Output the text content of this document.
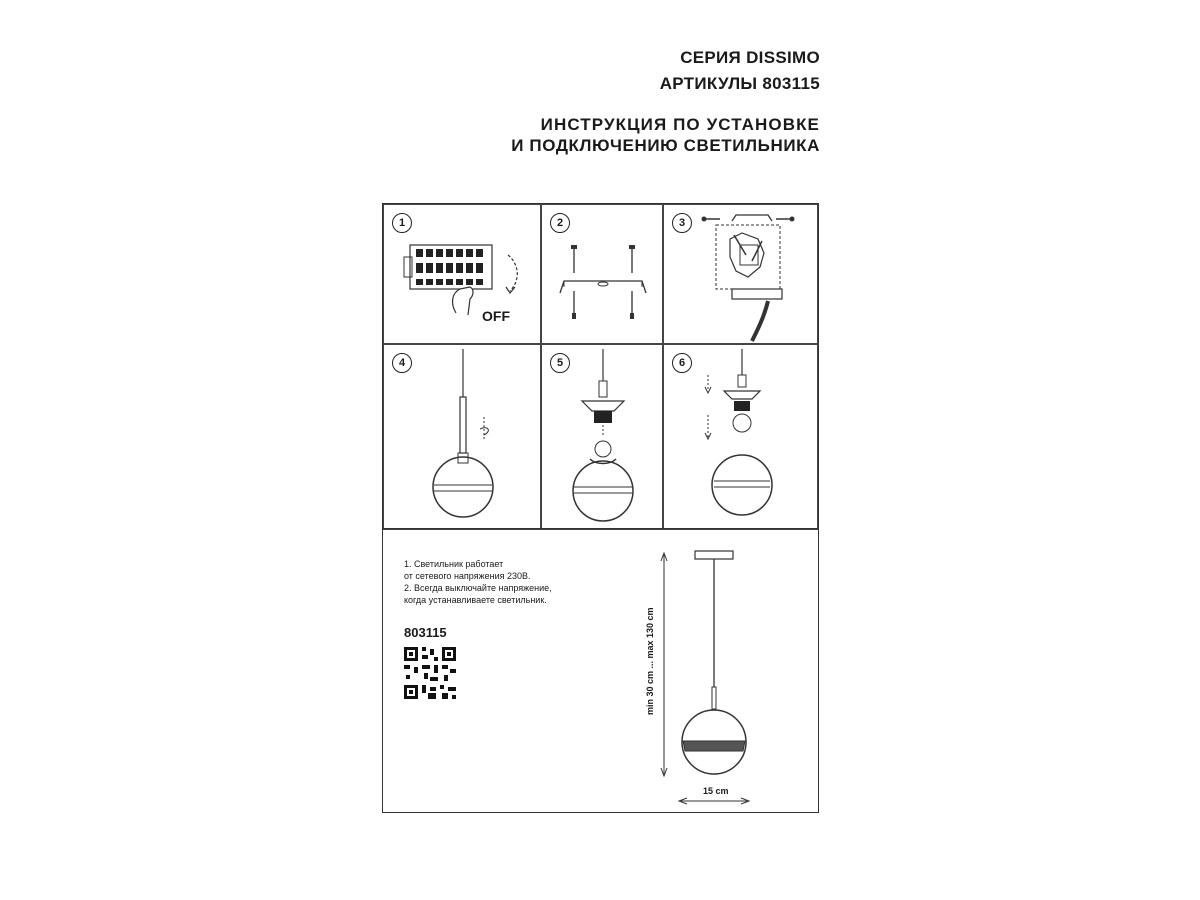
СЕРИЯ DISSIMO
АРТИКУЛЫ 803115
ИНСТРУКЦИЯ ПО УСТАНОВКЕ
И ПОДКЛЮЧЕНИЮ СВЕТИЛЬНИКА
1
OFF
2	3
4	5	6
1. Светильник работает
от сетевого напряжения 230В.
2. Всегда выключайте напряжение,
когда устанавливаете светильник.
803115	min 30 cm ... max 130 cm
15 cm
